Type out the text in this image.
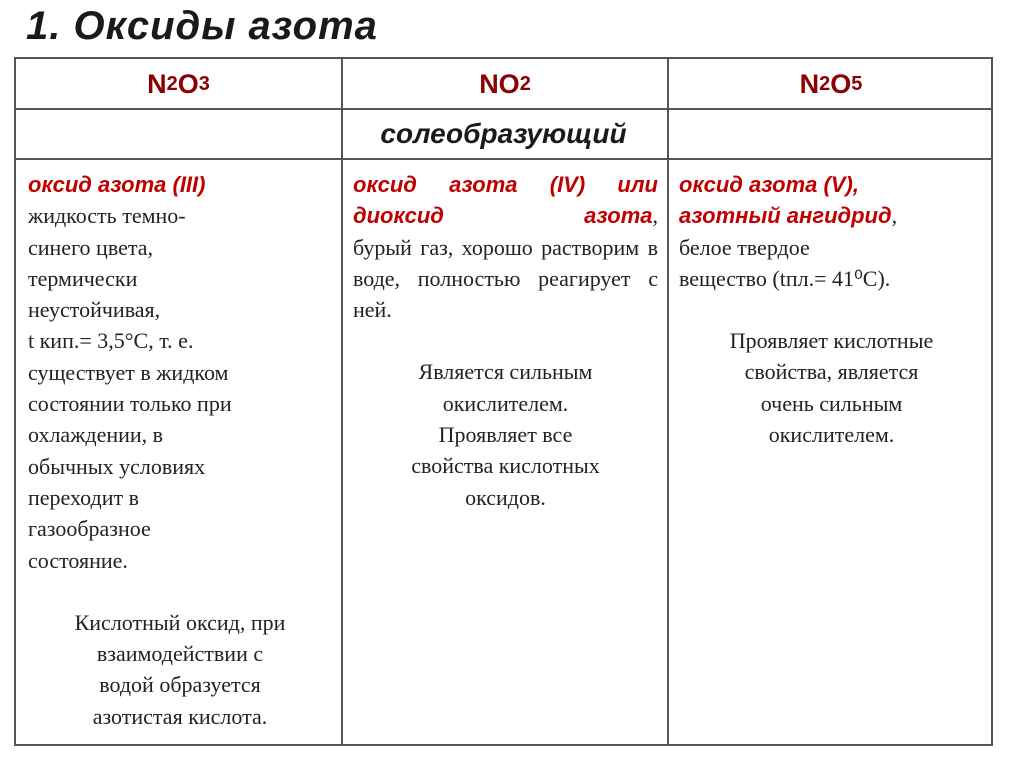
1. Оксиды азота
N 2 O 3	NO 2	N 2 O 5
солеобразующий

оксид азота (III)

жидкость темно-

синего цвета,

термически

неустойчивая,

t кип.= 3,5°С, т. е.

существует в жидком

состоянии только при

охлаждении, в

обычных условиях

переходит в

газообразное

состояние.

Кислотный оксид, при

взаимодействии с

водой образуется

азотистая кислота.

оксид азота (IV) или

диоксид азота,

бурый газ, хорошо растворим в воде, полностью реагирует с ней.

Является сильным

окислителем.

Проявляет все

свойства кислотных

оксидов.

оксид азота (V),

азотный ангидрид,

белое твердое

вещество (tпл.= 41⁰С).

Проявляет кислотные

свойства, является

очень сильным

окислителем.
